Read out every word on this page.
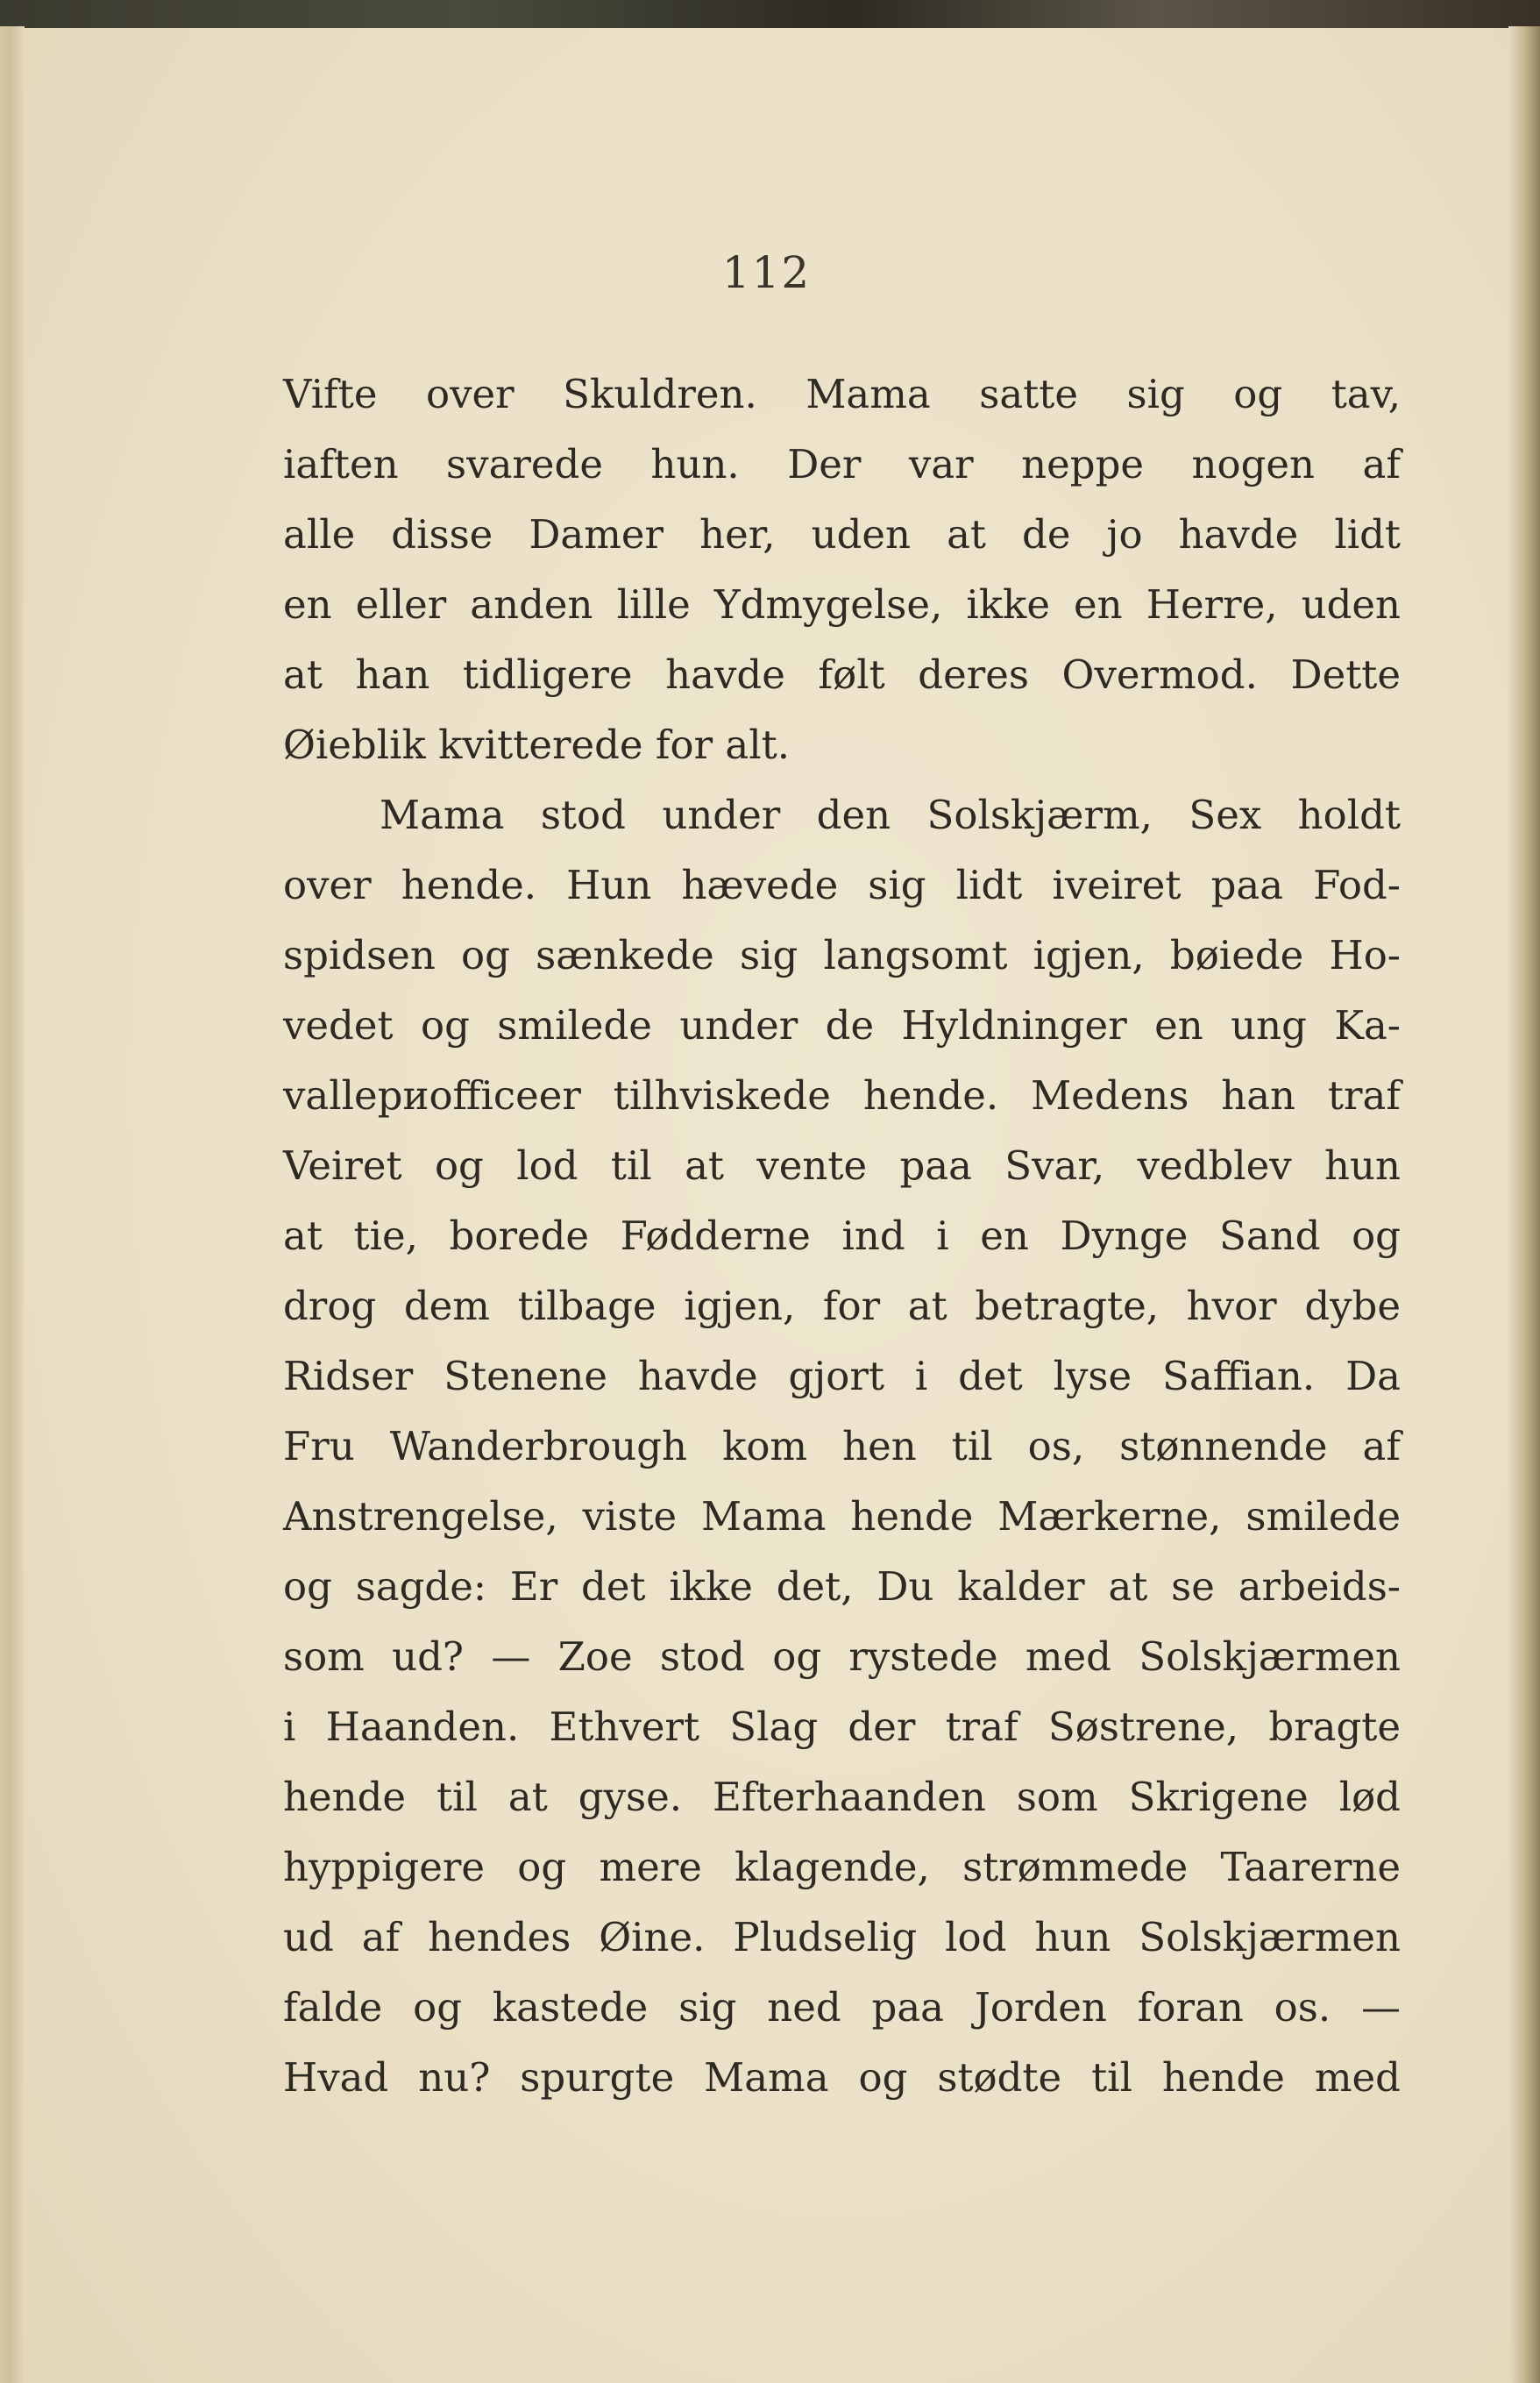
112
Vifte over Skuldren. Mama satte sig og tav,
iaften svarede hun. Der var neppe nogen af
alle disse Damer her, uden at de jo havde lidt
en eller anden lille Ydmygelse, ikke en Herre, uden
at han tidligere havde følt deres Overmod. Dette
Øieblik kvitterede for alt.
Mama stod under den Solskjærm, Sex holdt
over hende. Hun hævede sig lidt iveiret paa Fod-
spidsen og sænkede sig langsomt igjen, bøiede Ho-
vedet og smilede under de Hyldninger en ung Ka-
vallериofficeer tilhviskede hende. Medens han traf
Veiret og lod til at vente paa Svar, vedblev hun
at tie, borede Fødderne ind i en Dynge Sand og
drog dem tilbage igjen, for at betragte, hvor dybe
Ridser Stenene havde gjort i det lyse Saffian. Da
Fru Wanderbrough kom hen til os, stønnende af
Anstrengelse, viste Mama hende Mærkerne, smilede
og sagde: Er det ikke det, Du kalder at se arbeids-
som ud? — Zoe stod og rystede med Solskjærmen
i Haanden. Ethvert Slag der traf Søstrene, bragte
hende til at gyse. Efterhaanden som Skrigene lød
hyppigere og mere klagende, strømmede Taarerne
ud af hendes Øine. Pludselig lod hun Solskjærmen
falde og kastede sig ned paa Jorden foran os. —
Hvad nu? spurgte Mama og stødte til hende med
